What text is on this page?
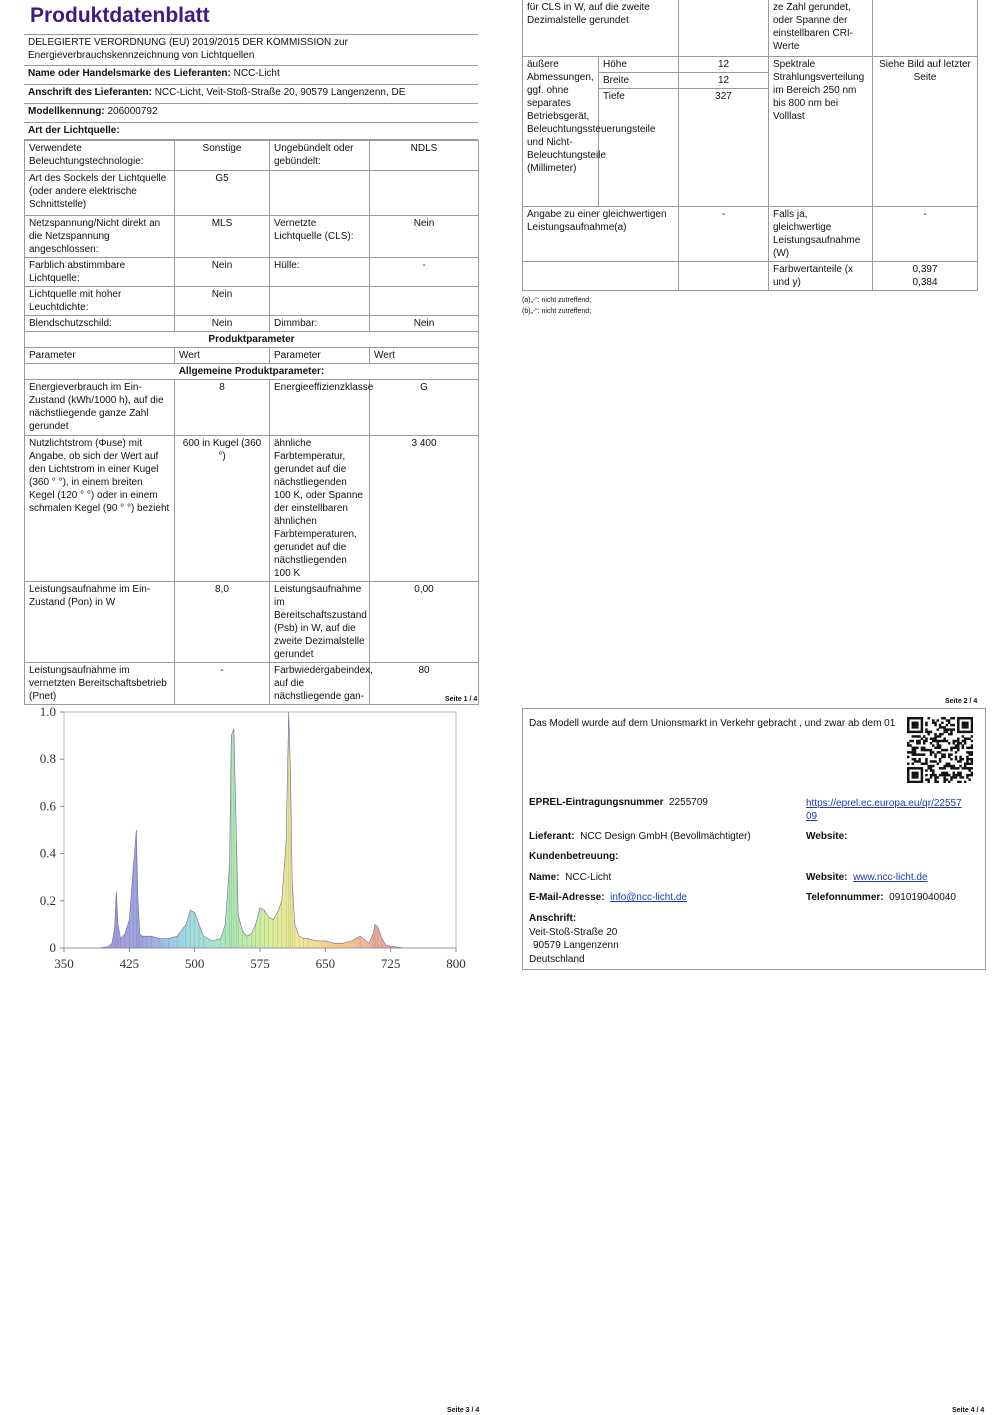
Produktdatenblatt
DELEGIERTE VERORDNUNG (EU) 2019/2015 DER KOMMISSION zur Energieverbrauchskennzeichnung von Lichtquellen
Name oder Handelsmarke des Lieferanten: NCC-Licht
Anschrift des Lieferanten: NCC-Licht, Veit-Stoß-Straße 20, 90579 Langenzenn, DE
Modellkennung: 206000792
Art der Lichtquelle:
Verwendete Beleuchtungstechnologie:	Sonstige	Ungebündelt oder gebündelt:	NDLS
Art des Sockels der Lichtquelle (oder andere elektrische Schnittstelle)	G5		
Netzspannung/Nicht direkt an die Netzspannung angeschlossen:	MLS	Vernetzte Lichtquelle (CLS):	Nein
Farblich abstimmbare Lichtquelle:	Nein	Hülle:	-
Lichtquelle mit hoher Leuchtdichte:	Nein		
Blendschutzschild:	Nein	Dimmbar:	Nein
Produktparameter			
Parameter	Wert	Parameter	Wert
Allgemeine Produktparameter:			
Energieverbrauch im Ein-Zustand (kWh/1000 h), auf die nächstliegende ganze Zahl gerundet	8	Energieeffizienzklasse	G
Nutzlichtstrom (Φuse) mit Angabe, ob sich der Wert auf den Lichtstrom in einer Kugel (360 ° °), in einem breiten Kegel (120 ° °) oder in einem schmalen Kegel (90 ° °) bezieht	600 in Kugel (360 °)	ähnliche Farbtemperatur, gerundet auf die nächstliegenden 100 K, oder Spanne der einstellbaren ähnlichen Farbtemperaturen, gerundet auf die nächstliegenden 100 K	3 400
Leistungsaufnahme im Ein-Zustand (Pon) in W	8,0	Leistungsaufnahme im Bereitschaftszustand (Psb) in W, auf die zweite Dezimalstelle gerundet	0,00
Leistungsaufnahme im vernetzten Bereitschaftsbetrieb (Pnet)	-	Farbwiedergabeindex, auf die nächstliegende gan-	80
Seite 1 / 4
für CLS in W, auf die zweite Dezimalstelle gerundet			ze Zahl gerundet, oder Spanne der einstellbaren CRI-Werte	
äußere Abmessungen, ggf. ohne separates Betriebsgerät, Beleuchtungssteuerungsteile und Nicht-Beleuchtungsteile (Millimeter)	Höhe	12	Spektrale Strahlungsverteilung im Bereich 250 nm bis 800 nm bei Volllast	Siehe Bild auf letzter Seite
	Breite	12		
	Tiefe	327		
Angabe zu einer gleichwertigen Leistungsaufnahme(a)		-	Falls ja, gleichwertige Leistungsaufnahme (W)	-
			Farbwertanteile (x und y)	0,397
0,384
(a)„-“: nicht zutreffend;
(b)„-“: nicht zutreffend;
Seite 2 / 4
1.0
0.8
0.6
0.4
0.2
0
350	425	500	575	650	725	800
Seite 3 / 4
Das Modell wurde auf dem Unionsmarkt in Verkehr gebracht , und zwar ab dem 01
EPREL-Eintragungsnummer 2255709	https://eprel.ec.europa.eu/qr/2255709
Lieferant: NCC Design GmbH (Bevollmächtigter)	Website:
Kundenbetreuung:
Name: NCC-Licht	Website: www.ncc-licht.de
E-Mail-Adresse: info@ncc-licht.de	Telefonnummer: 091019040040
Anschrift:
Veit-Stoß-Straße 20
90579 Langenzenn
Deutschland
Seite 4 / 4
